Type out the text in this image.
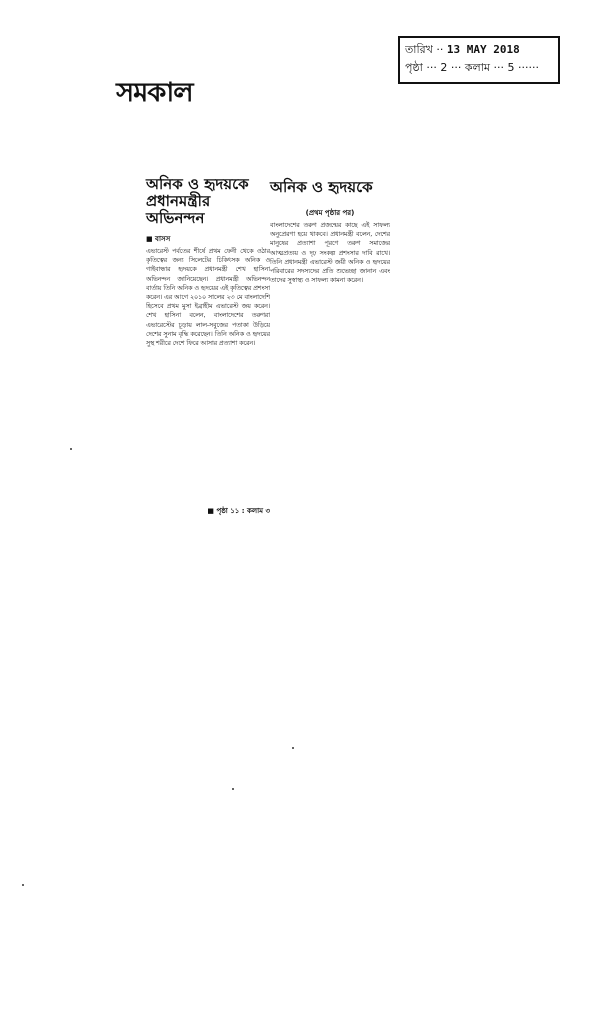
সমকাল
তারিখ ·· 13 MAY 2018
পৃষ্ঠা ··· 2 ··· কলাম ··· 5 ······
অনিক ও হৃদয়কে প্রধানমন্ত্রীর অভিনন্দন
■ বাসস
এভারেস্ট পর্বতের শীর্ষে প্রথম ফেনী থেকে ওঠার কৃতিত্বের জন্য সিলেটের চিকিৎসক অনিক ও গাইবান্ধার হৃদয়কে প্রধানমন্ত্রী শেখ হাসিনা অভিনন্দন জানিয়েছেন। প্রধানমন্ত্রী অভিনন্দন বার্তায় তিনি অনিক ও হৃদয়ের এই কৃতিত্বের প্রশংসা করেন। এর আগে ২০১০ সালের ২৩ মে বাংলাদেশি হিসেবে প্রথম মুসা ইব্রাহীম এভারেস্ট জয় করেন। শেখ হাসিনা বলেন, বাংলাদেশের তরুণরা এভারেস্টের চূড়ায় লাল-সবুজের পতাকা উড়িয়ে দেশের সুনাম বৃদ্ধি করেছেন। তিনি অনিক ও হৃদয়ের সুস্থ শরীরে দেশে ফিরে আসার প্রত্যাশা করেন।
■ পৃষ্ঠা ১১ : কলাম ৩
অনিক ও হৃদয়কে
(প্রথম পৃষ্ঠার পর)
বাংলাদেশের তরুণ প্রজন্মের কাছে এই সাফল্য অনুপ্রেরণা হয়ে থাকবে। প্রধানমন্ত্রী বলেন, দেশের মানুষের প্রত্যাশা পূরণে তরুণ সমাজের আত্মপ্রত্যয় ও দৃঢ় সংকল্প প্রশংসার দাবি রাখে। তিনি প্রধানমন্ত্রী এভারেস্ট জয়ী অনিক ও হৃদয়ের পরিবারের সদস্যদের প্রতি শুভেচ্ছা জানান এবং তাদের সুস্বাস্থ্য ও সাফল্য কামনা করেন।
